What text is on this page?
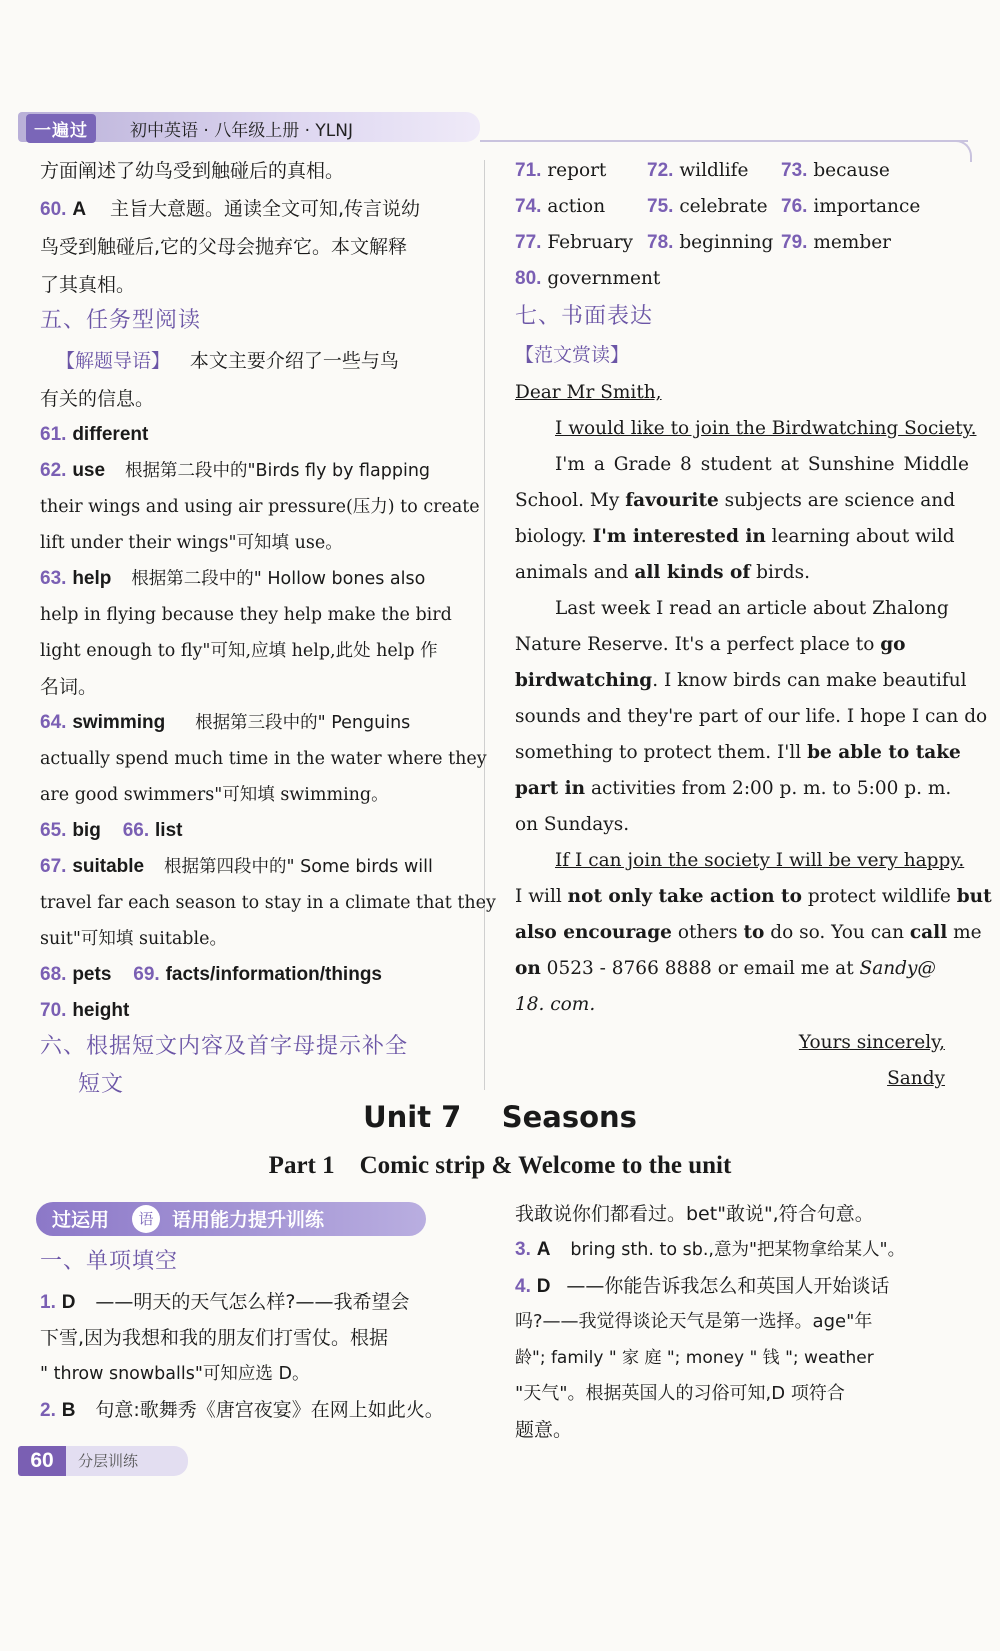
一遍过	初中英语 · 八年级上册 · YLNJ
方面阐述了幼鸟受到触碰后的真相。
60. A 主旨大意题。通读全文可知,传言说幼
鸟受到触碰后,它的父母会抛弃它。本文解释
了其真相。
五、任务型阅读
【解题导语】 本文主要介绍了一些与鸟
有关的信息。
61. different
62. use 根据第二段中的"Birds fly by flapping
their wings and using air pressure(压力) to create
lift under their wings"可知填 use。
63. help 根据第二段中的" Hollow bones also
help in flying because they help make the bird
light enough to fly"可知,应填 help,此处 help 作
名词。
64. swimming 根据第三段中的" Penguins
actually spend much time in the water where they
are good swimmers"可知填 swimming。
65. big 66. list
67. suitable 根据第四段中的" Some birds will
travel far each season to stay in a climate that they
suit"可知填 suitable。
68. pets 69. facts/information/things
70. height
六、根据短文内容及首字母提示补全
短文
71. report 72. wildlife 73. because
74. action 75. celebrate 76. importance
77. February 78. beginning 79. member
80. government
七、书面表达
【范文赏读】
Dear Mr Smith,
I would like to join the Birdwatching Society.
I'm a Grade 8 student at Sunshine Middle
School. My favourite subjects are science and
biology. I'm interested in learning about wild
animals and all kinds of birds.
Last week I read an article about Zhalong
Nature Reserve. It's a perfect place to go
birdwatching. I know birds can make beautiful
sounds and they're part of our life. I hope I can do
something to protect them. I'll be able to take
part in activities from 2:00 p. m. to 5:00 p. m.
on Sundays.
If I can join the society I will be very happy.
I will not only take action to protect wildlife but
also encourage others to do so. You can call me
on 0523 - 8766 8888 or email me at Sandy@
18. com.
Yours sincerely,
Sandy
Unit 7    Seasons
Part 1    Comic strip & Welcome to the unit
过运用	语 语用能力提升训练
一、单项填空
1. D ——明天的天气怎么样?——我希望会
下雪,因为我想和我的朋友们打雪仗。根据
" throw snowballs"可知应选 D。
2. B 句意:歌舞秀《唐宫夜宴》在网上如此火。
我敢说你们都看过。bet"敢说",符合句意。
3. A bring sth. to sb.,意为"把某物拿给某人"。
4. D ——你能告诉我怎么和英国人开始谈话
吗?——我觉得谈论天气是第一选择。age"年
龄"; family " 家 庭 "; money " 钱 "; weather
"天气"。根据英国人的习俗可知,D 项符合
题意。
60	分层训练
